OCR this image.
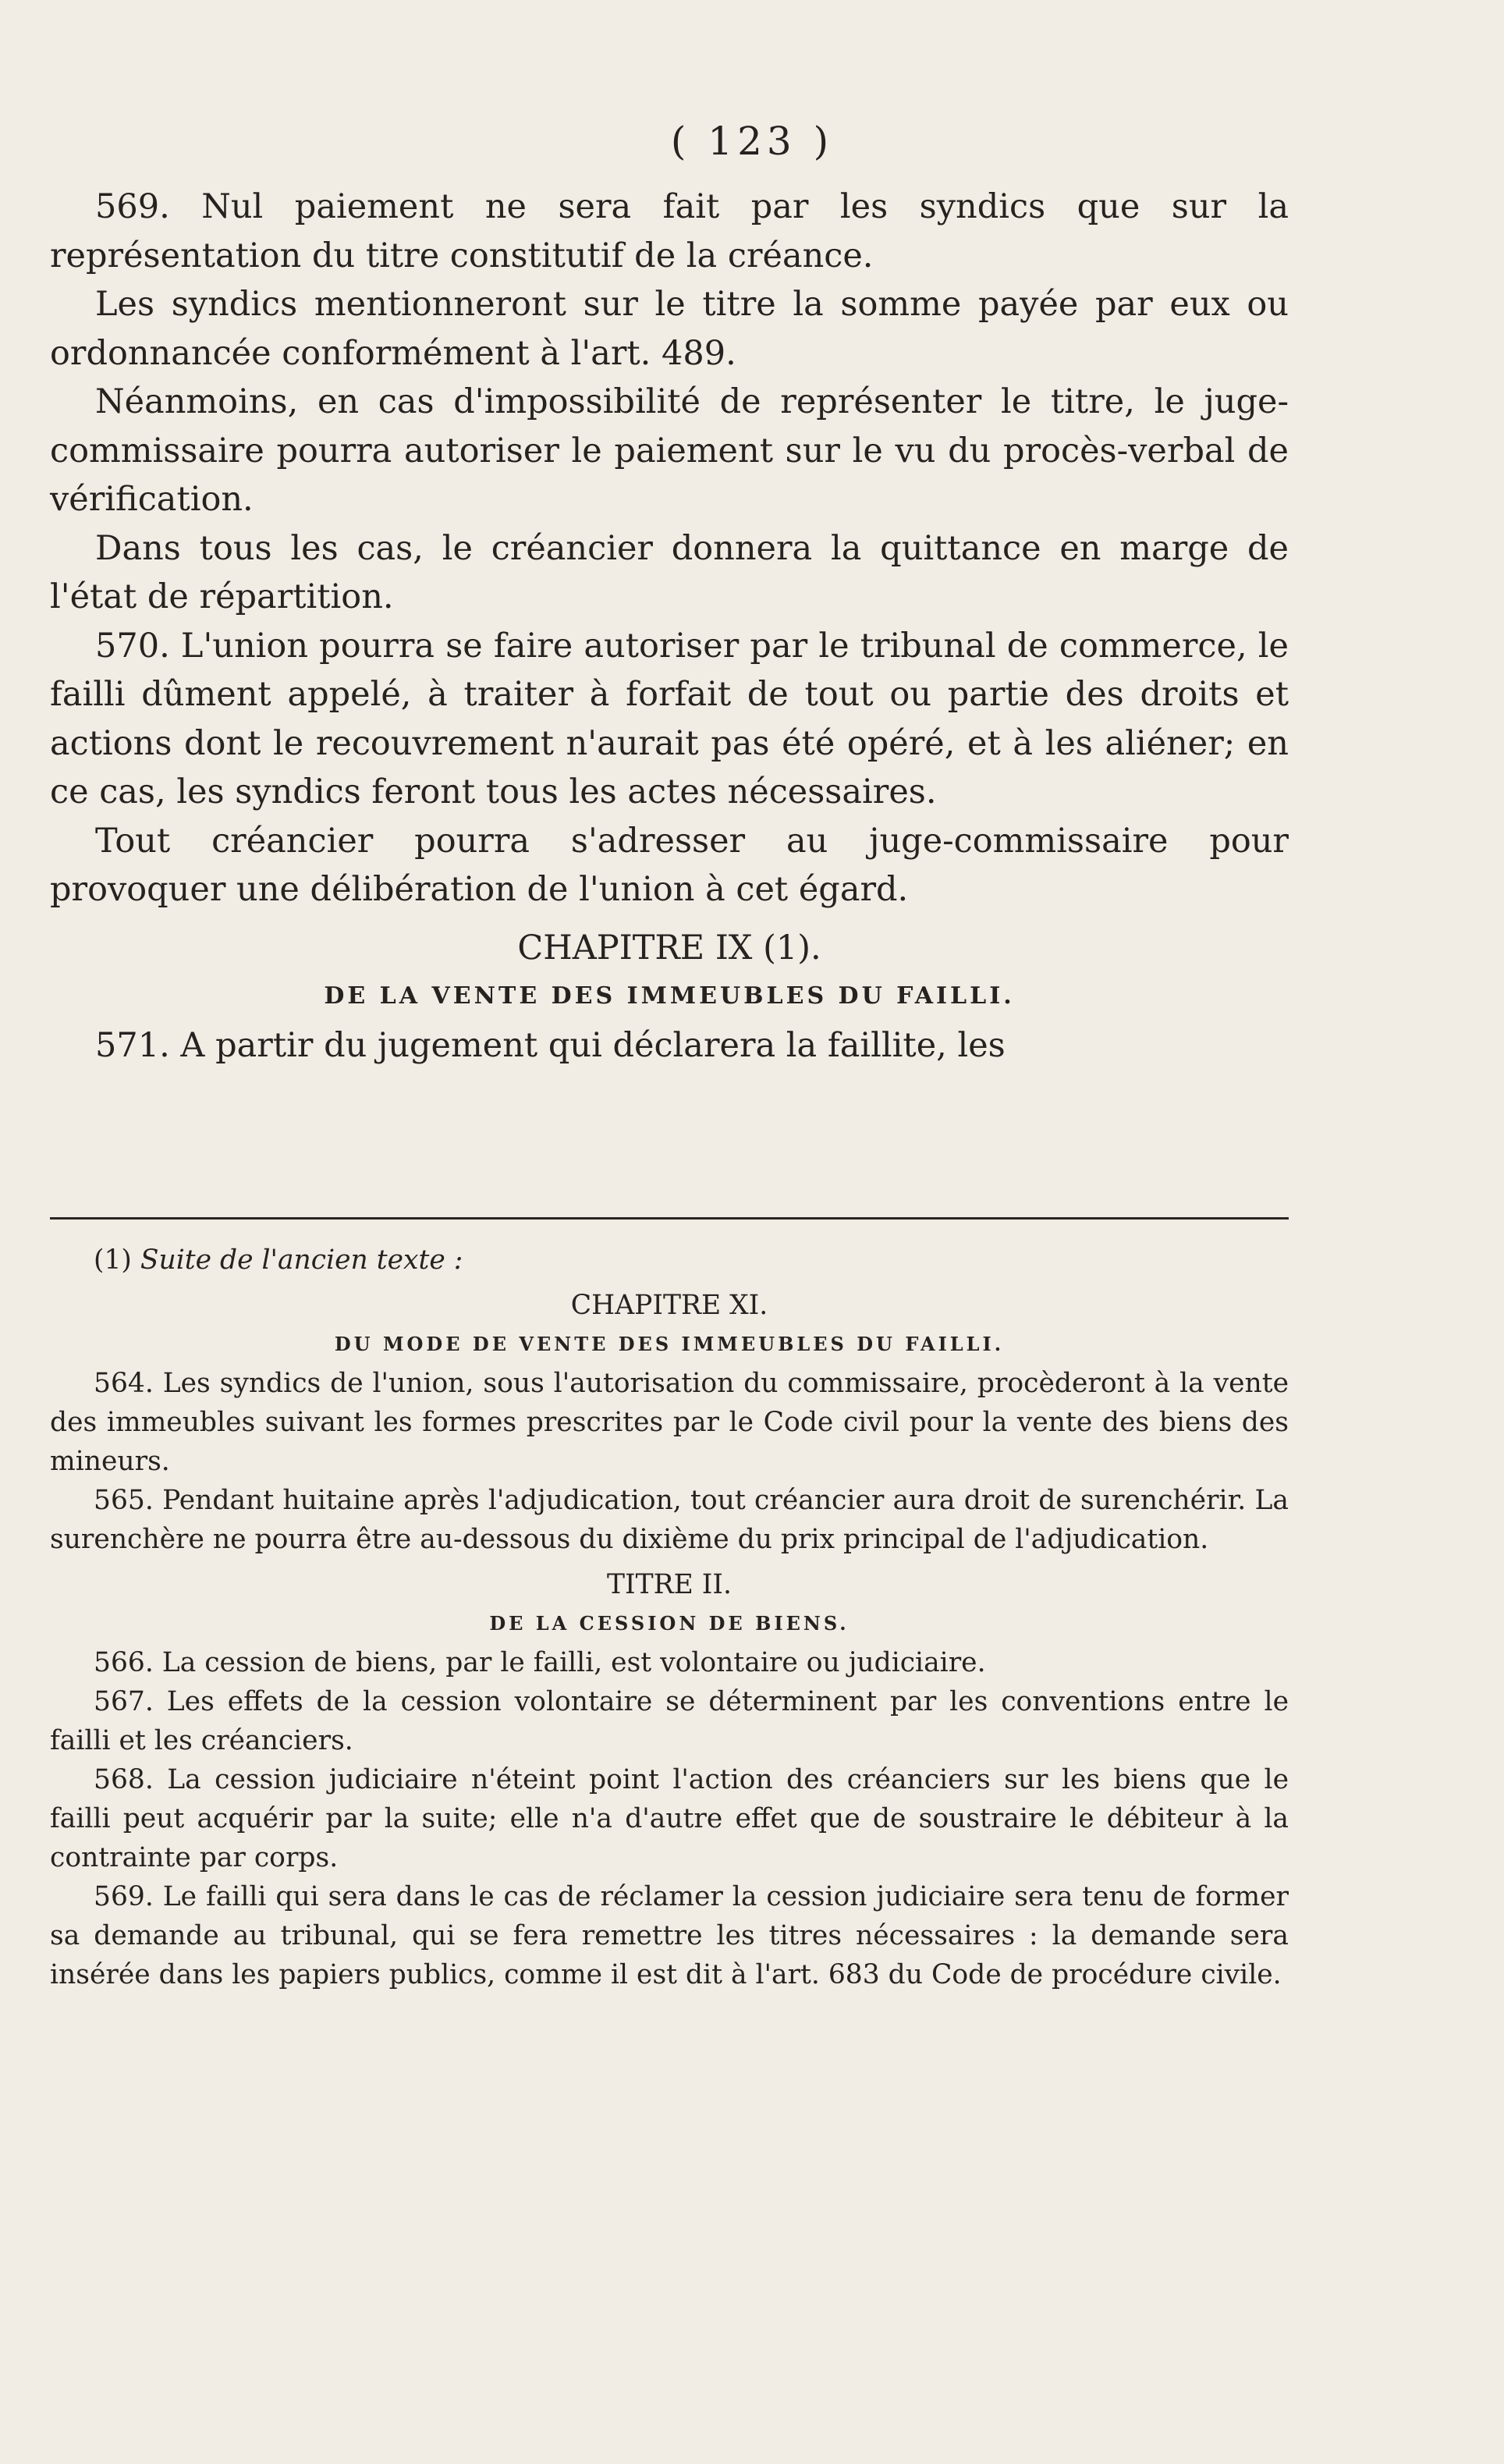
( 123 )

569. Nul paiement ne sera fait par les syndics que sur la représentation du titre constitutif de la créance.

Les syndics mentionneront sur le titre la somme payée par eux ou ordonnancée conformément à l'art. 489.

Néanmoins, en cas d'impossibilité de représenter le titre, le juge-commissaire pourra autoriser le paiement sur le vu du procès-verbal de vérification.

Dans tous les cas, le créancier donnera la quittance en marge de l'état de répartition.

570. L'union pourra se faire autoriser par le tribunal de commerce, le failli dûment appelé, à traiter à forfait de tout ou partie des droits et actions dont le recouvrement n'aurait pas été opéré, et à les aliéner; en ce cas, les syndics feront tous les actes nécessaires.

Tout créancier pourra s'adresser au juge-commissaire pour provoquer une délibération de l'union à cet égard.

CHAPITRE IX (1).

DE LA VENTE DES IMMEUBLES DU FAILLI.

571. A partir du jugement qui déclarera la faillite, les

(1) Suite de l'ancien texte :

CHAPITRE XI.

DU MODE DE VENTE DES IMMEUBLES DU FAILLI.

564. Les syndics de l'union, sous l'autorisation du commissaire, procèderont à la vente des immeubles suivant les formes prescrites par le Code civil pour la vente des biens des mineurs.

565. Pendant huitaine après l'adjudication, tout créancier aura droit de surenchérir. La surenchère ne pourra être au-dessous du dixième du prix principal de l'adjudication.

TITRE II.

DE LA CESSION DE BIENS.

566. La cession de biens, par le failli, est volontaire ou judiciaire.

567. Les effets de la cession volontaire se déterminent par les conventions entre le failli et les créanciers.

568. La cession judiciaire n'éteint point l'action des créanciers sur les biens que le failli peut acquérir par la suite; elle n'a d'autre effet que de soustraire le débiteur à la contrainte par corps.

569. Le failli qui sera dans le cas de réclamer la cession judiciaire sera tenu de former sa demande au tribunal, qui se fera remettre les titres nécessaires : la demande sera insérée dans les papiers publics, comme il est dit à l'art. 683 du Code de procédure civile.
